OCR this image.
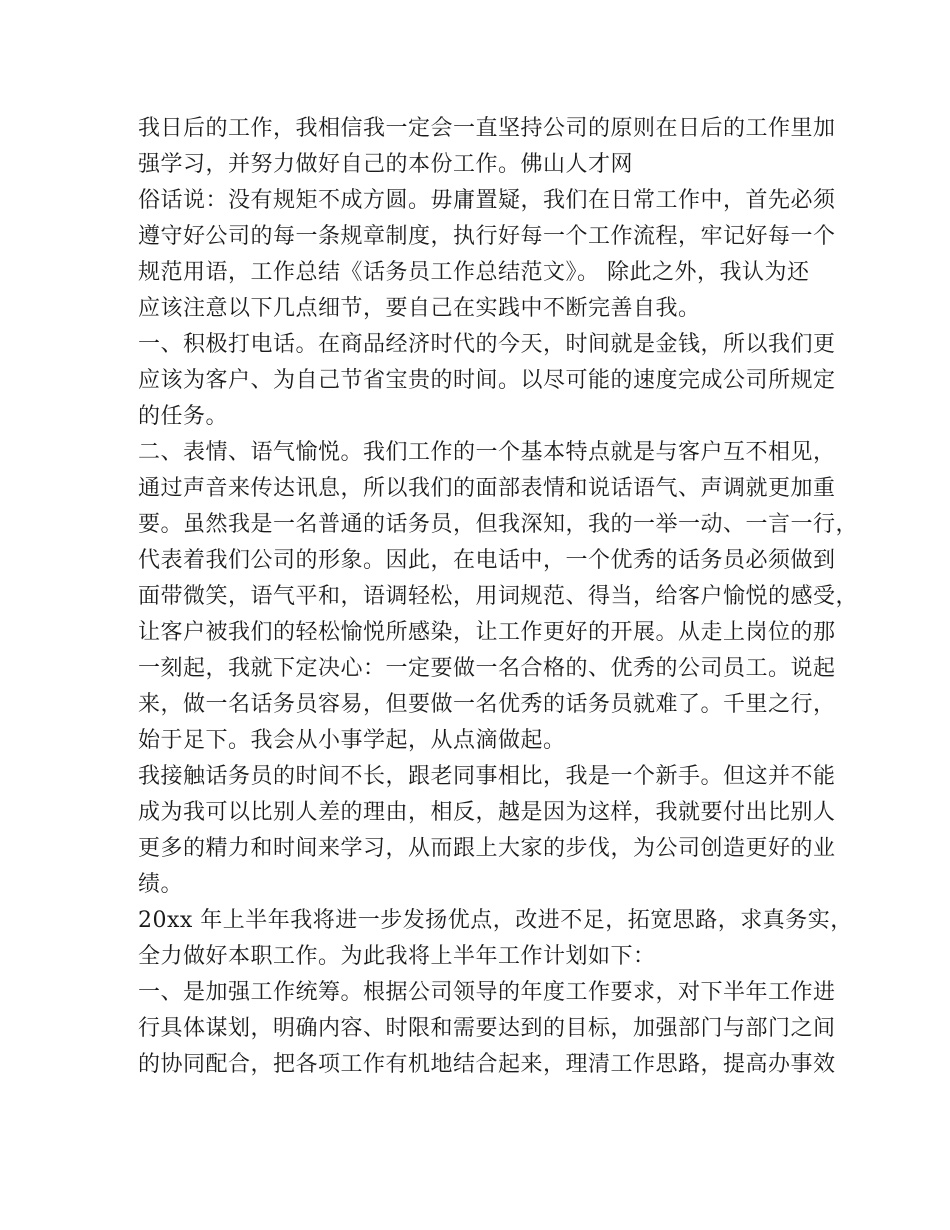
我日后的工作，我相信我一定会一直坚持公司的原则在日后的工作里加
强学习，并努力做好自己的本份工作。佛山人才网
俗话说：没有规矩不成方圆。毋庸置疑，我们在日常工作中，首先必须
遵守好公司的每一条规章制度，执行好每一个工作流程，牢记好每一个
规范用语，工作总结《话务员工作总结范文》。 除此之外，我认为还
应该注意以下几点细节，要自己在实践中不断完善自我。
一、积极打电话。在商品经济时代的今天，时间就是金钱，所以我们更
应该为客户、为自己节省宝贵的时间。以尽可能的速度完成公司所规定
的任务。
二、表情、语气愉悦。我们工作的一个基本特点就是与客户互不相见，
通过声音来传达讯息，所以我们的面部表情和说话语气、声调就更加重
要。虽然我是一名普通的话务员，但我深知，我的一举一动、一言一行，
代表着我们公司的形象。因此，在电话中，一个优秀的话务员必须做到
面带微笑，语气平和，语调轻松，用词规范、得当，给客户愉悦的感受，
让客户被我们的轻松愉悦所感染，让工作更好的开展。从走上岗位的那
一刻起，我就下定决心：一定要做一名合格的、优秀的公司员工。说起
来，做一名话务员容易，但要做一名优秀的话务员就难了。千里之行，
始于足下。我会从小事学起，从点滴做起。
我接触话务员的时间不长，跟老同事相比，我是一个新手。但这并不能
成为我可以比别人差的理由，相反，越是因为这样，我就要付出比别人
更多的精力和时间来学习，从而跟上大家的步伐，为公司创造更好的业
绩。
20xx 年上半年我将进一步发扬优点，改进不足，拓宽思路，求真务实，
全力做好本职工作。为此我将上半年工作计划如下：
一、是加强工作统筹。根据公司领导的年度工作要求，对下半年工作进
行具体谋划，明确内容、时限和需要达到的目标，加强部门与部门之间
的协同配合，把各项工作有机地结合起来，理清工作思路，提高办事效
